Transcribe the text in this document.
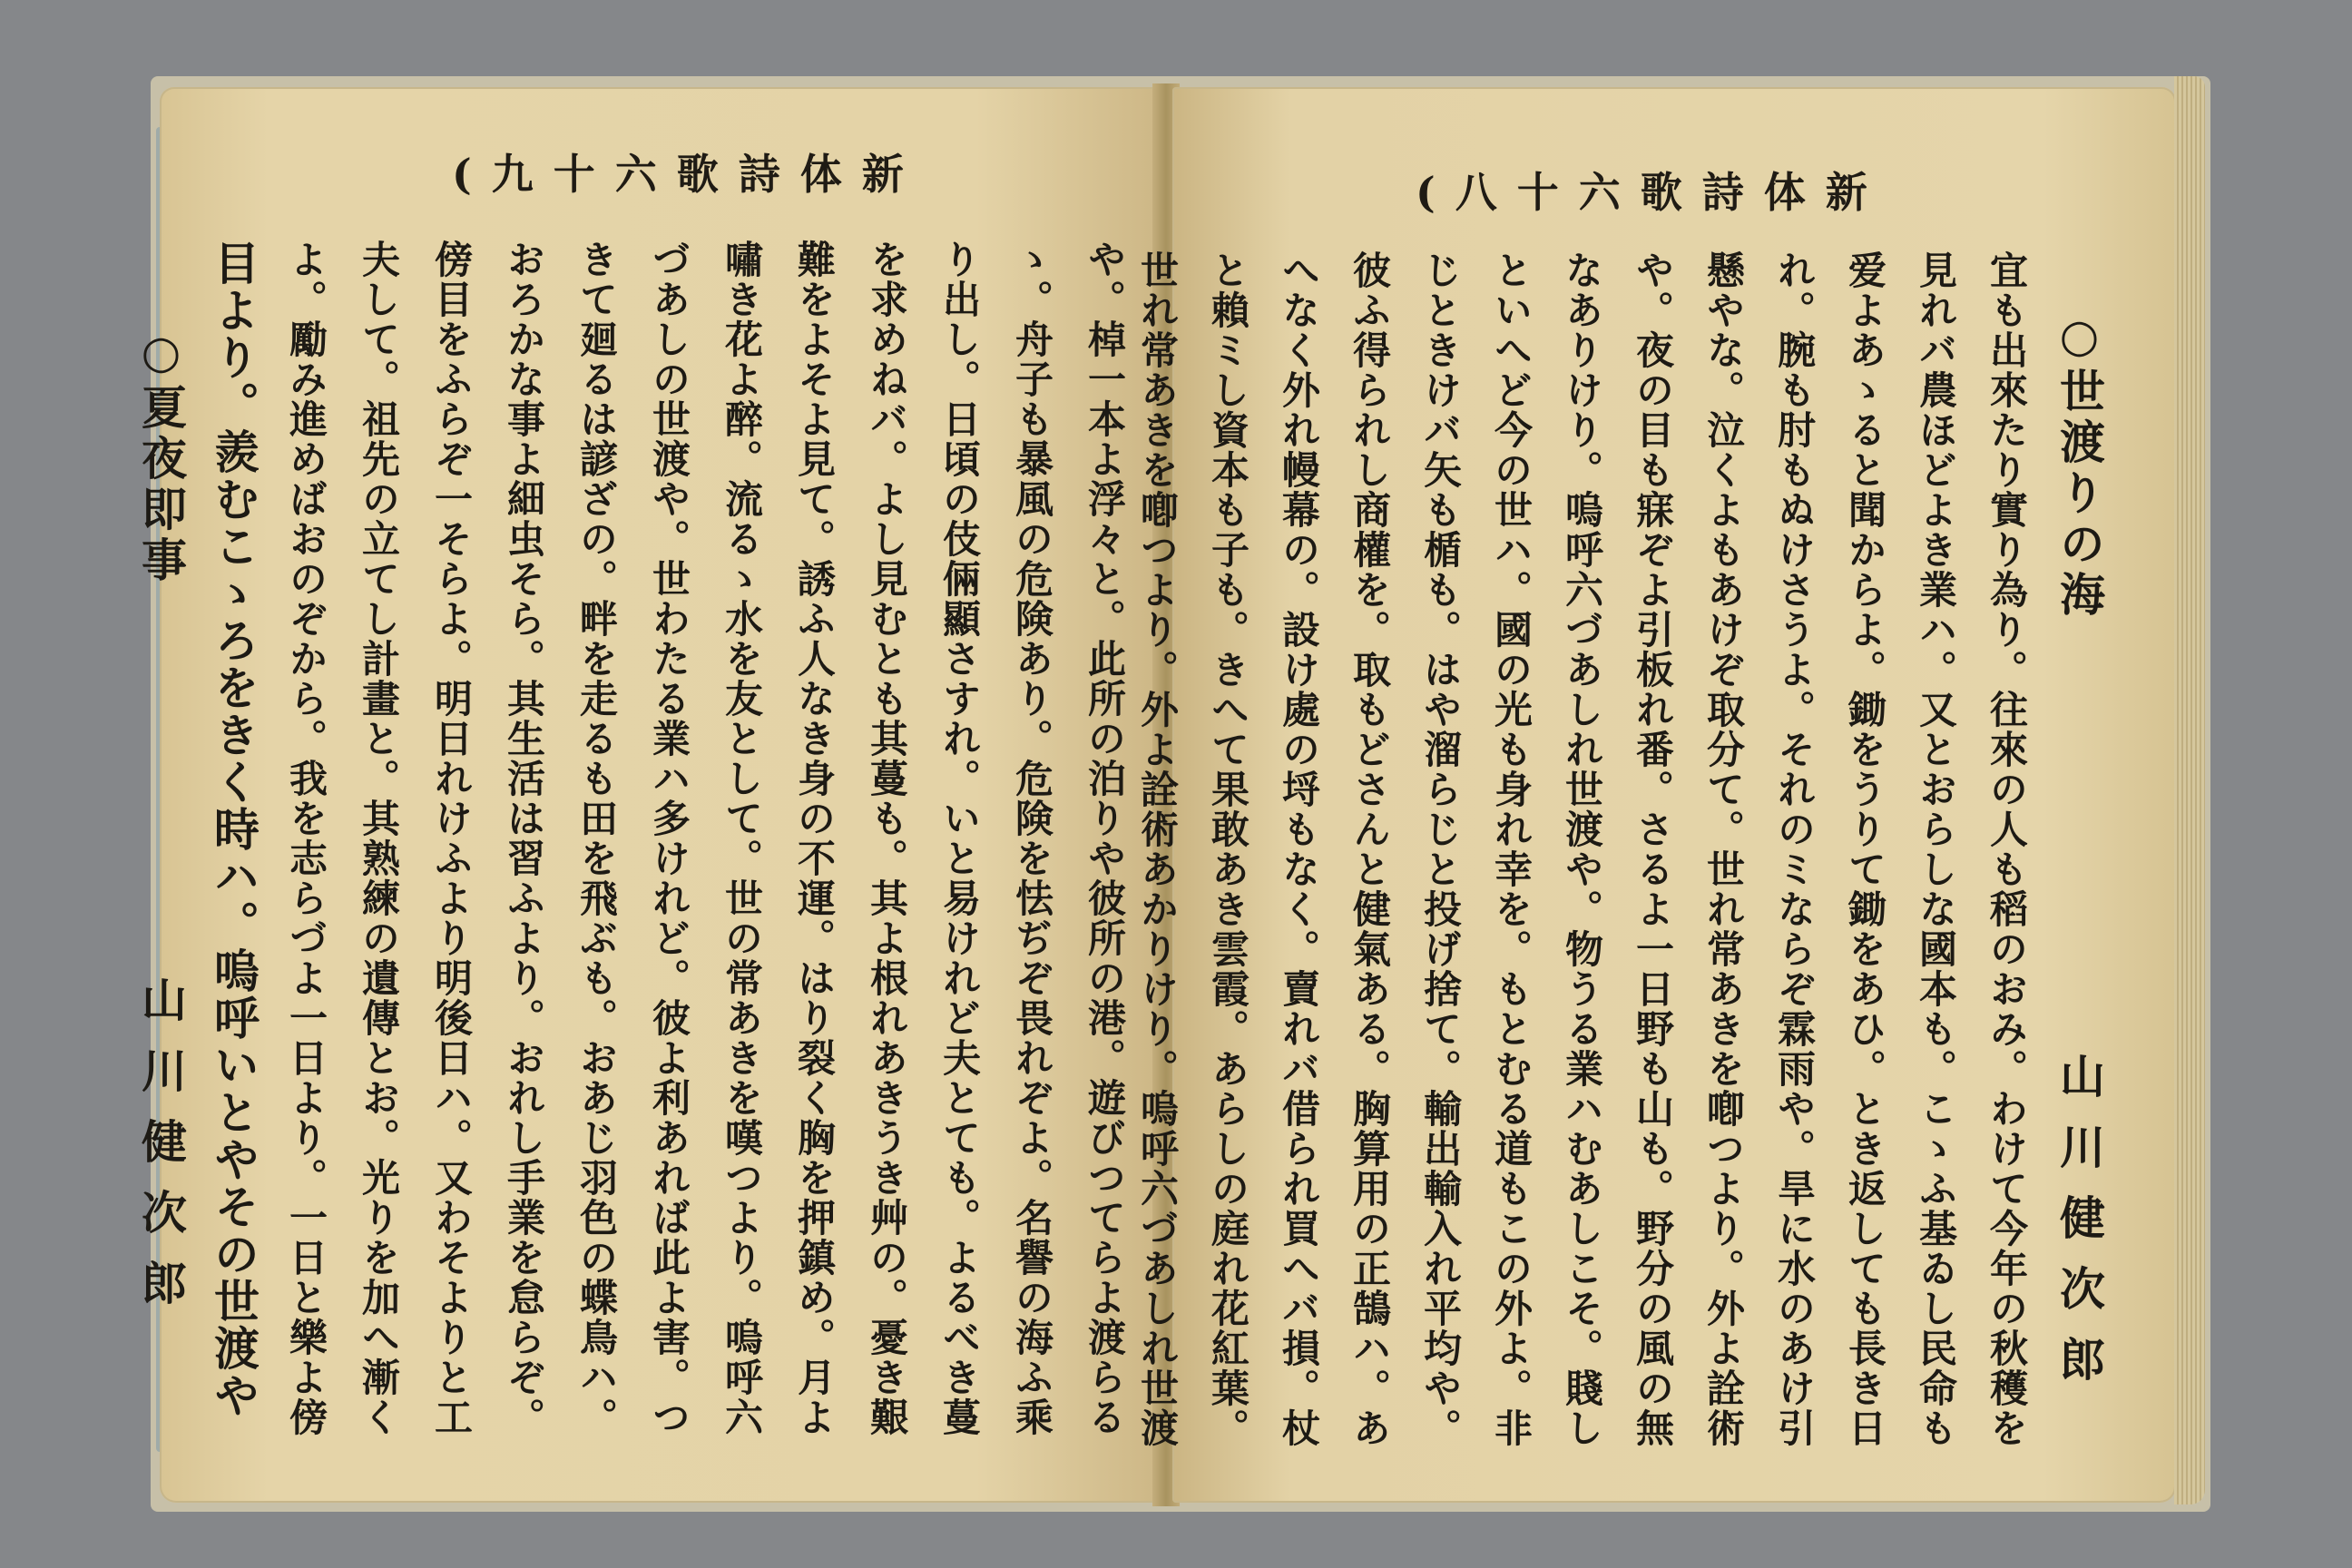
(九十六歌詩体新
や。棹一本よ浮々と。此所の泊りや彼所の港。遊びつてらよ渡らる
ゝ。舟子も暴風の危険あり。危険を怯ぢぞ畏れぞよ。名譽の海ふ乘
り出し。日頃の伎倆顯さすれ。いと易けれど夫とても。よるべき蔓
を求めねバ。よし見むとも其蔓も。其よ根れあきうき艸の。憂き艱
難をよそよ見て。誘ふ人なき身の不運。はり裂く胸を押鎮め。月よ
嘯き花よ醉。流るゝ水を友として。世の常あきを嘆つより。嗚呼六
づあしの世渡や。世わたる業ハ多けれど。彼よ利あれば此よ害。つ
きて廻るは諺ざの。畔を走るも田を飛ぶも。おあじ羽色の蝶鳥ハ。
おろかな事よ細虫そら。其生活は習ふより。おれし手業を怠らぞ。
傍目をふらぞ一そらよ。明日れけふより明後日ハ。又わそよりと工
夫して。祖先の立てし計畫と。其熟練の遺傳とお。光りを加へ漸く
よ。勵み進めばおのぞから。我を志らづよ一日より。一日と樂よ傍
目より。羨むこゝろをきく時ハ。嗚呼いとやその世渡や
○夏夜即事
山川健次郎
(八十六歌詩体新
○世渡りの海
山川健次郎
宜も出來たり實り為り。往來の人も稻のおみ。わけて今年の秋穫を
見れバ農ほどよき業ハ。又とおらしな國本も。こゝふ基ゐし民命も
爱よあゝると聞からよ。鋤をうりて鋤をあひ。とき返しても長き日
れ。腕も肘もぬけさうよ。それのミならぞ霖雨や。旱に水のあけ引
懸やな。泣くよもあけぞ取分て。世れ常あきを喞つより。外よ詮術
や。夜の目も寐ぞよ引板れ番。さるよ一日野も山も。野分の風の無
なありけり。嗚呼六づあしれ世渡や。物うる業ハむあしこそ。賤し
といへど今の世ハ。國の光も身れ幸を。もとむる道もこの外よ。非
じときけバ矢も楯も。はや溜らじと投げ捨て。輸出輸入れ平均や。
彼ふ得られし商權を。取もどさんと健氣ある。胸算用の正鵠ハ。あ
へなく外れ幔幕の。設け處の埒もなく。賣れバ借られ買へバ損。杖
と賴ミし資本も子も。きへて果敢あき雲霞。あらしの庭れ花紅葉。
世れ常あきを喞つより。外よ詮術あかりけり。嗚呼六づあしれ世渡
